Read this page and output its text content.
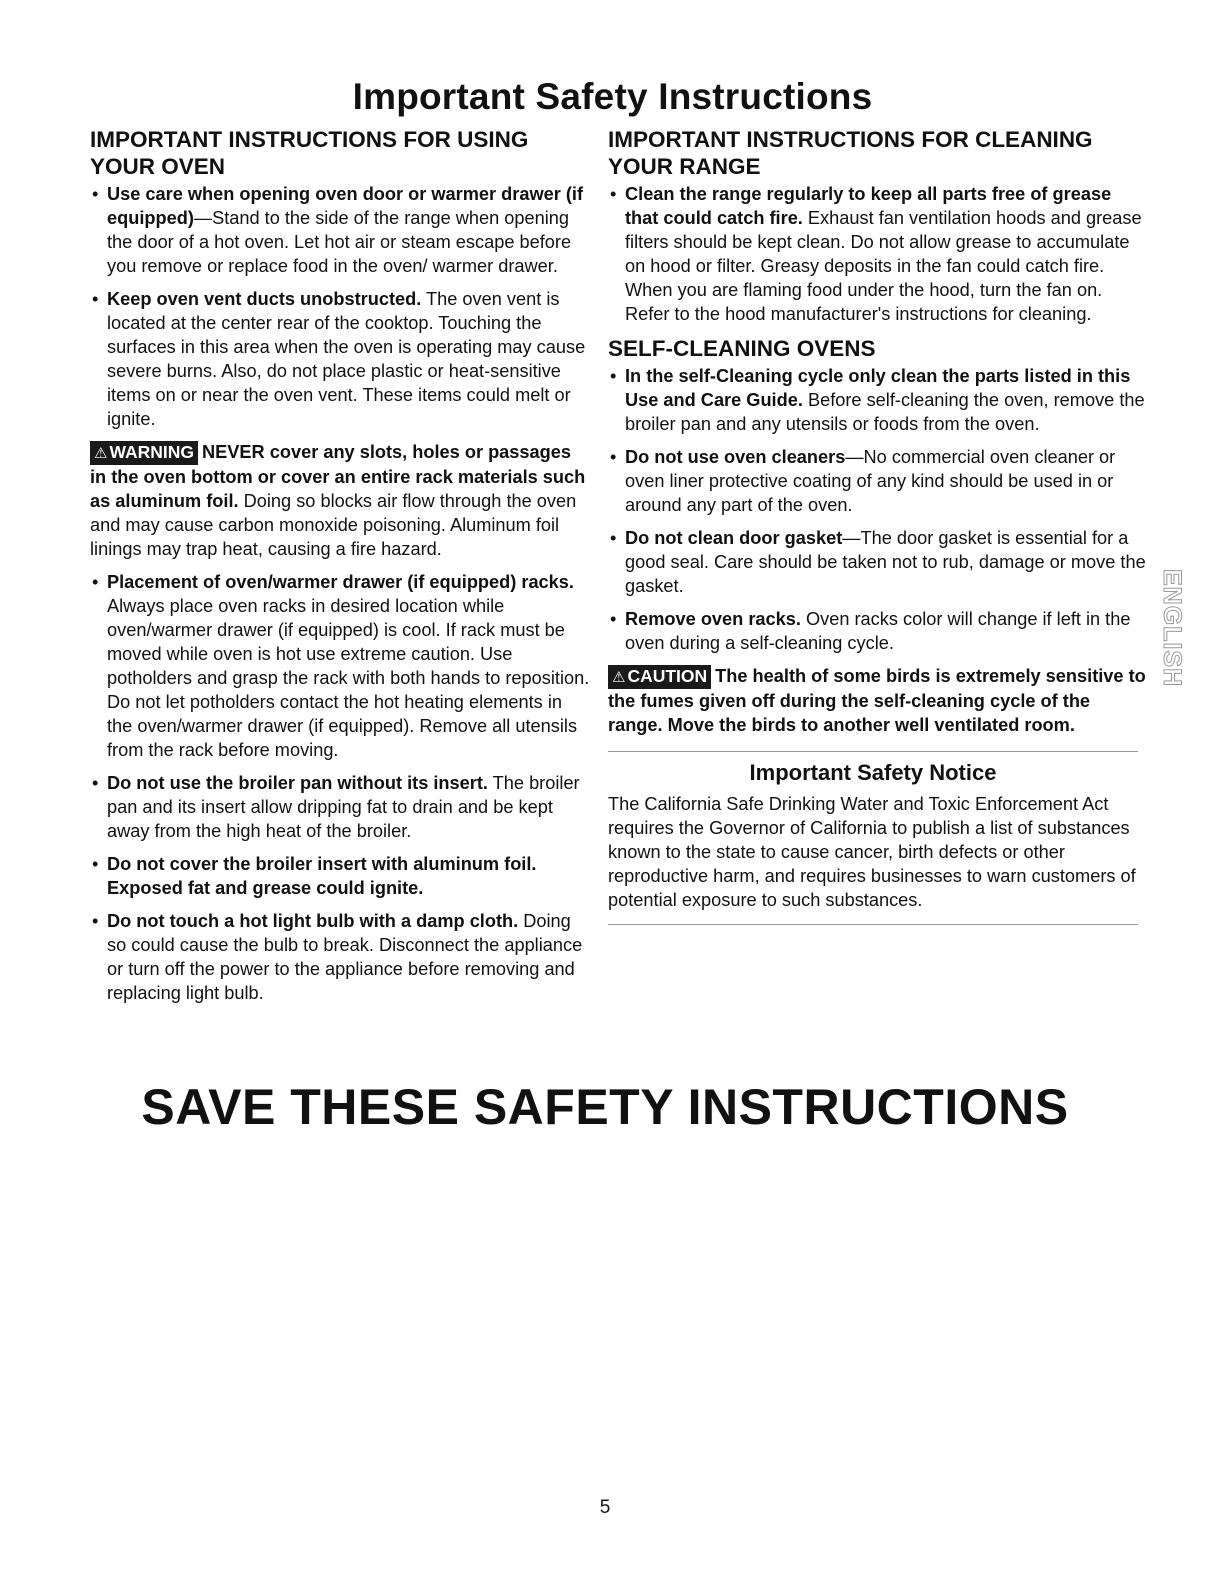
Important Safety Instructions
IMPORTANT INSTRUCTIONS FOR USING YOUR OVEN
• Use care when opening oven door or warmer drawer (if equipped)—Stand to the side of the range when opening the door of a hot oven. Let hot air or steam escape before you remove or replace food in the oven/ warmer drawer.
• Keep oven vent ducts unobstructed. The oven vent is located at the center rear of the cooktop. Touching the surfaces in this area when the oven is operating may cause severe burns. Also, do not place plastic or heat-sensitive items on or near the oven vent. These items could melt or ignite.

⚠ WARNING NEVER cover any slots, holes or passages in the oven bottom or cover an entire rack materials such as aluminum foil. Doing so blocks air flow through the oven and may cause carbon monoxide poisoning. Aluminum foil linings may trap heat, causing a fire hazard.

• Placement of oven/warmer drawer (if equipped) racks. Always place oven racks in desired location while oven/warmer drawer (if equipped) is cool. If rack must be moved while oven is hot use extreme caution. Use potholders and grasp the rack with both hands to reposition. Do not let potholders contact the hot heating elements in the oven/warmer drawer (if equipped). Remove all utensils from the rack before moving.
• Do not use the broiler pan without its insert. The broiler pan and its insert allow dripping fat to drain and be kept away from the high heat of the broiler.
• Do not cover the broiler insert with aluminum foil. Exposed fat and grease could ignite.
• Do not touch a hot light bulb with a damp cloth. Doing so could cause the bulb to break. Disconnect the appliance or turn off the power to the appliance before removing and replacing light bulb.
IMPORTANT INSTRUCTIONS FOR CLEANING YOUR RANGE
• Clean the range regularly to keep all parts free of grease that could catch fire. Exhaust fan ventilation hoods and grease filters should be kept clean. Do not allow grease to accumulate on hood or filter. Greasy deposits in the fan could catch fire. When you are flaming food under the hood, turn the fan on. Refer to the hood manufacturer's instructions for cleaning.
SELF-CLEANING OVENS
• In the self-Cleaning cycle only clean the parts listed in this Use and Care Guide. Before self-cleaning the oven, remove the broiler pan and any utensils or foods from the oven.
• Do not use oven cleaners—No commercial oven cleaner or oven liner protective coating of any kind should be used in or around any part of the oven.
• Do not clean door gasket—The door gasket is essential for a good seal. Care should be taken not to rub, damage or move the gasket.
• Remove oven racks. Oven racks color will change if left in the oven during a self-cleaning cycle.

⚠ CAUTION The health of some birds is extremely sensitive to the fumes given off during the self-cleaning cycle of the range. Move the birds to another well ventilated room.

Important Safety Notice

The California Safe Drinking Water and Toxic Enforcement Act requires the Governor of California to publish a list of substances known to the state to cause cancer, birth defects or other reproductive harm, and requires businesses to warn customers of potential exposure to such substances.

ENGLISH
SAVE THESE SAFETY INSTRUCTIONS
5
